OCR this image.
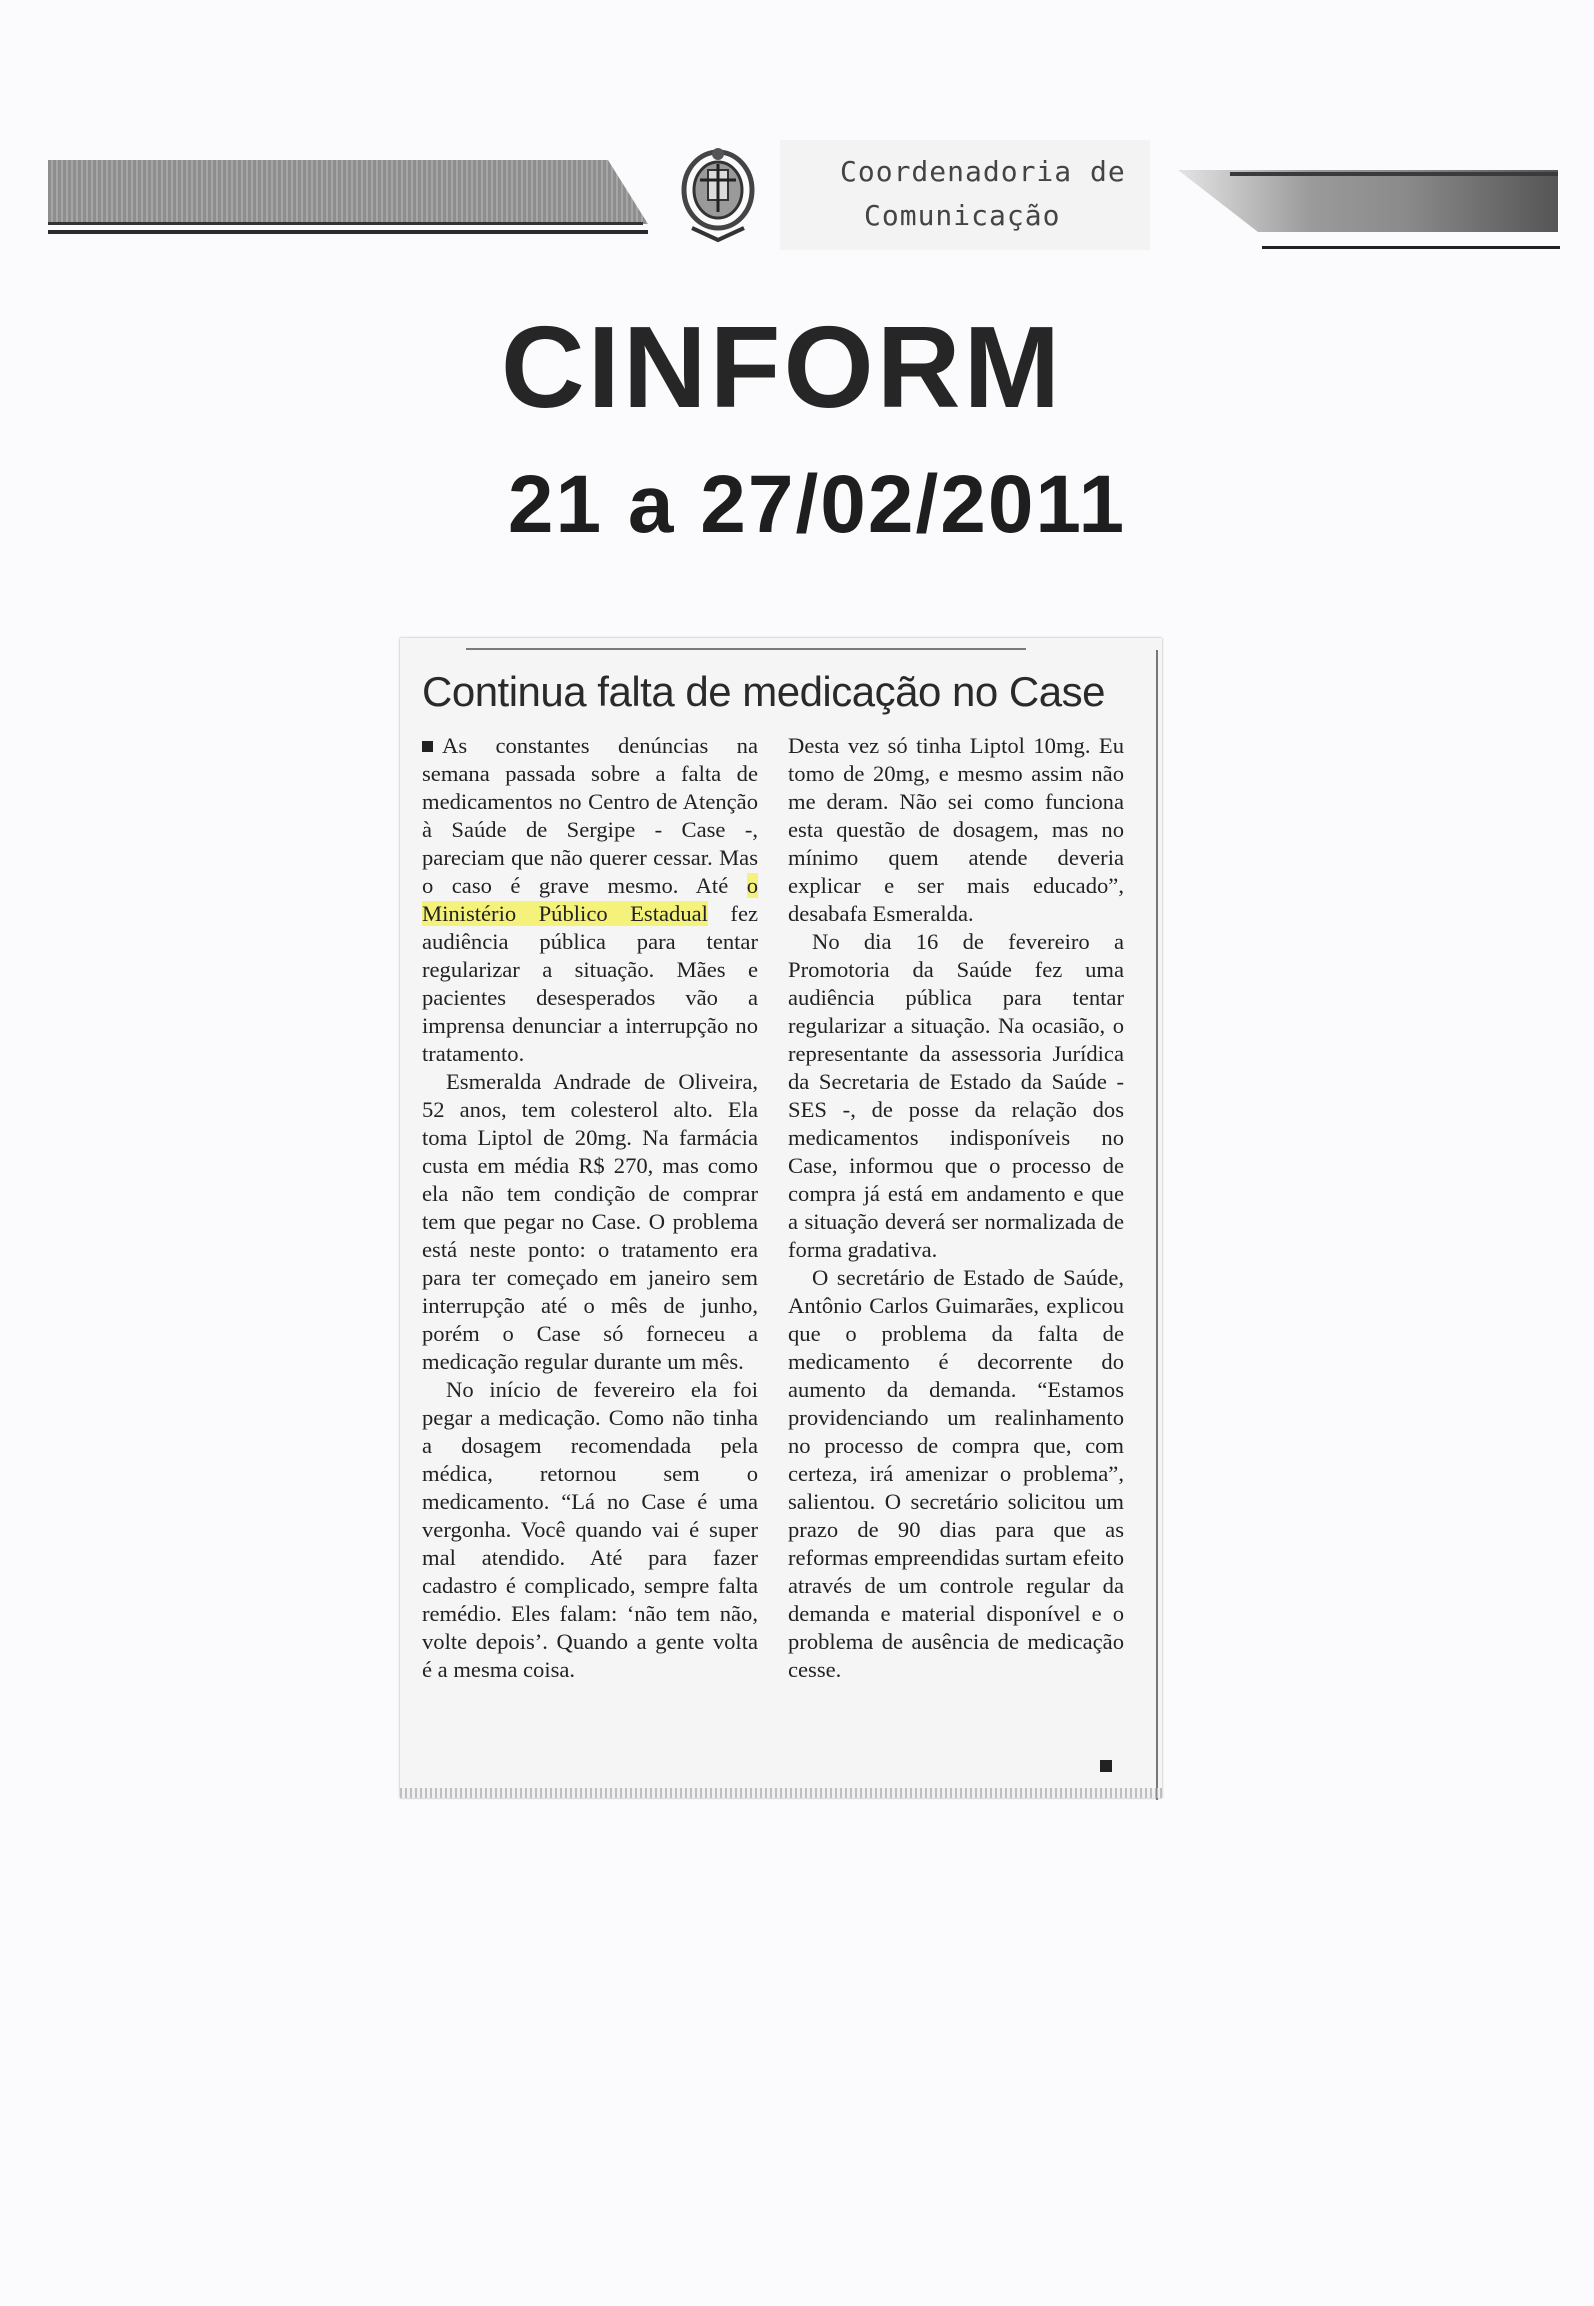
Coordenadoria de
Comunicação
CINFORM
21 a 27/02/2011
Continua falta de medicação no Case

As constantes denúncias na semana passada sobre a falta de medicamentos no Centro de Atenção à Saúde de Sergipe - Case -, pareciam que não querer cessar. Mas o caso é grave mesmo. Até o Ministério Público Estadual fez audiência pública para tentar regularizar a situação. Mães e pacientes desesperados vão a imprensa denunciar a interrupção no tratamento.

Esmeralda Andrade de Oliveira, 52 anos, tem colesterol alto. Ela toma Liptol de 20mg. Na farmácia custa em média R$ 270, mas como ela não tem condição de comprar tem que pegar no Case. O problema está neste ponto: o tratamento era para ter começado em janeiro sem interrupção até o mês de junho, porém o Case só forneceu a medicação regular durante um mês.

No início de fevereiro ela foi pegar a medicação. Como não tinha a dosagem recomendada pela médica, retornou sem o medicamento. “Lá no Case é uma vergonha. Você quando vai é super mal atendido. Até para fazer cadastro é complicado, sempre falta remédio. Eles falam: ‘não tem não, volte depois’. Quando a gente volta é a mesma coisa.

Desta vez só tinha Liptol 10mg. Eu tomo de 20mg, e mesmo assim não me deram. Não sei como funciona esta questão de dosagem, mas no mínimo quem atende deveria explicar e ser mais educado”, desabafa Esmeralda.

No dia 16 de fevereiro a Promotoria da Saúde fez uma audiência pública para tentar regularizar a situação. Na ocasião, o representante da assessoria Jurídica da Secretaria de Estado da Saúde - SES -, de posse da relação dos medicamentos indisponíveis no Case, informou que o processo de compra já está em andamento e que a situação deverá ser normalizada de forma gradativa.

O secretário de Estado de Saúde, Antônio Carlos Guimarães, explicou que o problema da falta de medicamento é decorrente do aumento da demanda. “Estamos providenciando um realinhamento no processo de compra que, com certeza, irá amenizar o problema”, salientou. O secretário solicitou um prazo de 90 dias para que as reformas empreendidas surtam efeito através de um controle regular da demanda e material disponível e o problema de ausência de medicação cesse.
